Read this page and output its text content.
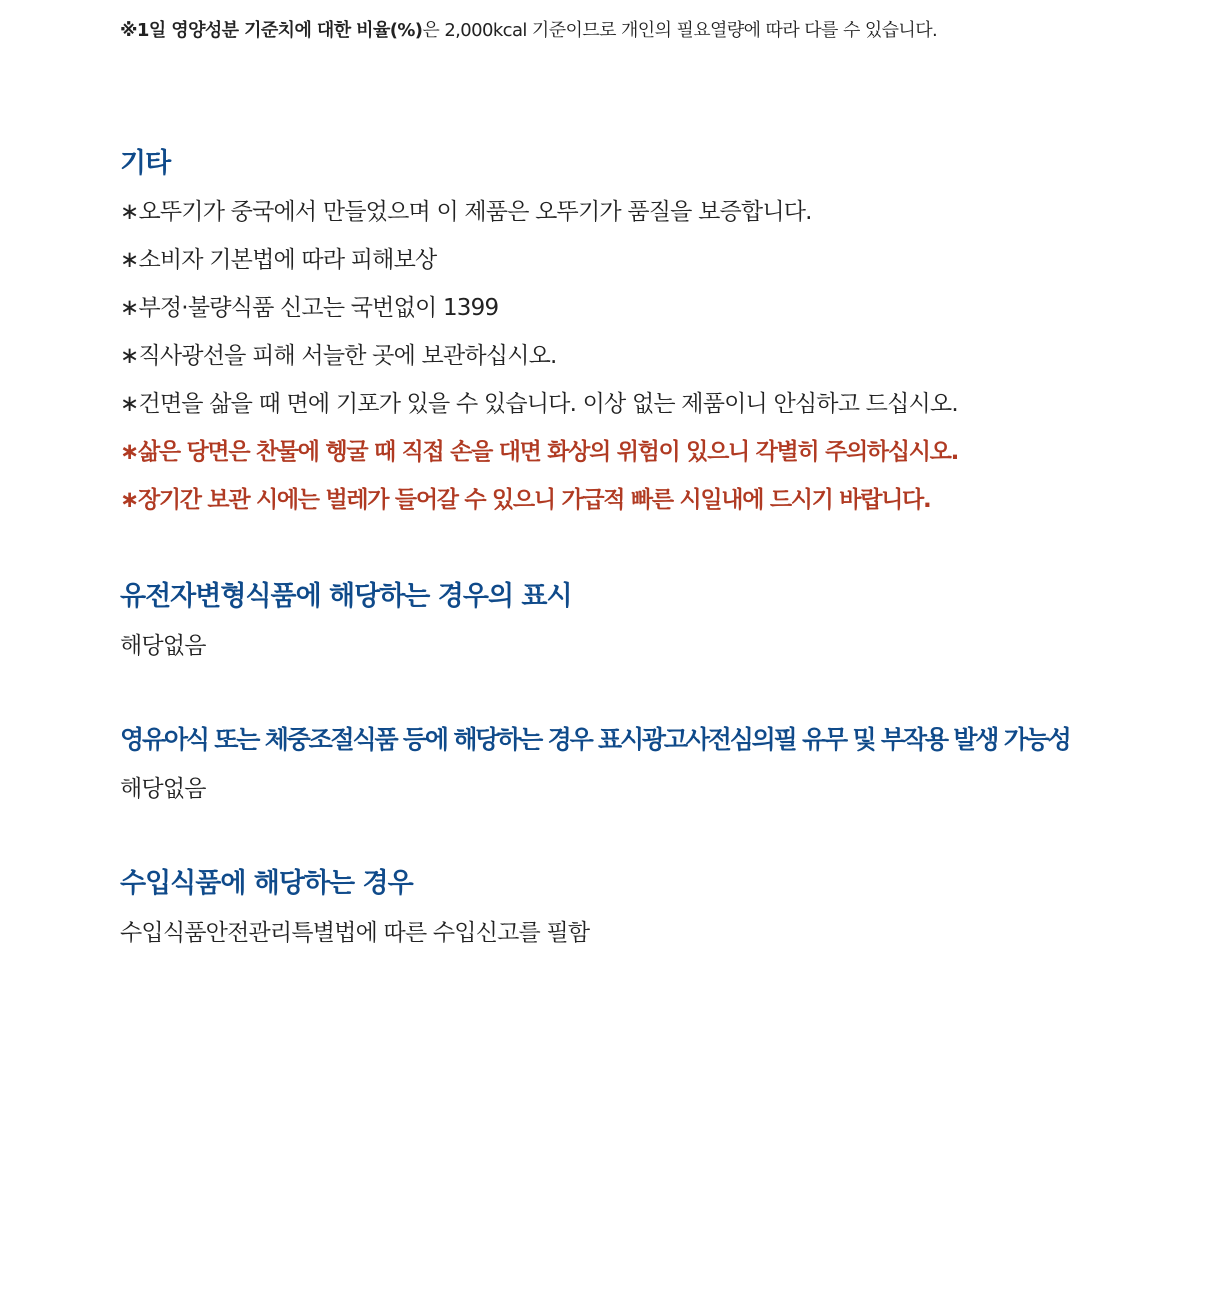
※1일 영양성분 기준치에 대한 비율(%)은 2,000kcal 기준이므로 개인의 필요열량에 따라 다를 수 있습니다.
기타
∗오뚜기가 중국에서 만들었으며 이 제품은 오뚜기가 품질을 보증합니다.
∗소비자 기본법에 따라 피해보상
∗부정·불량식품 신고는 국번없이 1399
∗직사광선을 피해 서늘한 곳에 보관하십시오.
∗건면을 삶을 때 면에 기포가 있을 수 있습니다. 이상 없는 제품이니 안심하고 드십시오.
∗삶은 당면은 찬물에 헹굴 때 직접 손을 대면 화상의 위험이 있으니 각별히 주의하십시오.
∗장기간 보관 시에는 벌레가 들어갈 수 있으니 가급적 빠른 시일내에 드시기 바랍니다.
유전자변형식품에 해당하는 경우의 표시
해당없음
영유아식 또는 체중조절식품 등에 해당하는 경우 표시광고사전심의필 유무 및 부작용 발생 가능성
해당없음
수입식품에 해당하는 경우
수입식품안전관리특별법에 따른 수입신고를 필함
